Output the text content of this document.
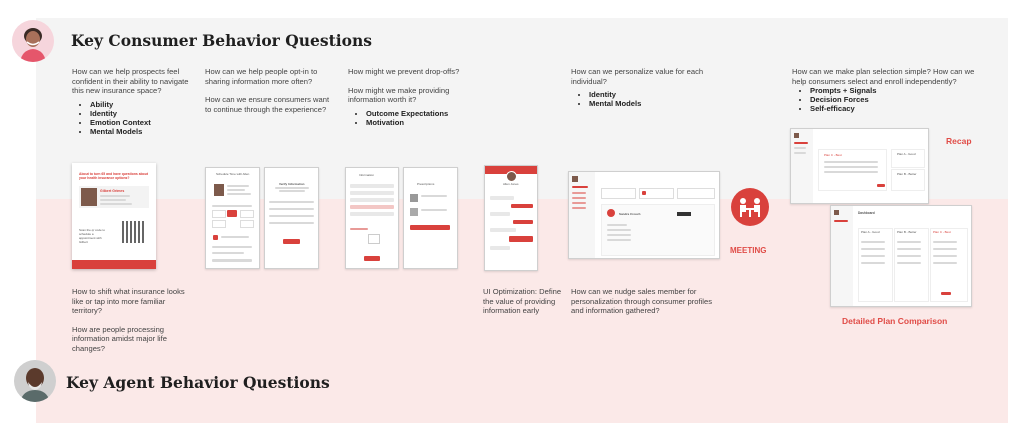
Key Consumer Behavior Questions
Key Agent Behavior Questions

How can we help prospects feel confident in their ability to navigate this new insurance space?

• Ability
• Identity
• Emotion Context
• Mental Models

How can we help people opt-in to sharing information more often?

How can we ensure consumers want to continue through the experience?

How might we prevent drop-offs?

How might we make providing information worth it?

• Outcome Expectations
• Motivation

How can we personalize value for each individual?

• Identity
• Mental Models

How can we make plan selection simple? How can we help consumers select and enroll independently?

• Prompts + Signals
• Decision Forces
• Self-efficacy

How to shift what insurance looks like or tap into more familiar territory?

How are people processing information amidst major life changes?

UI Optimization: Define the value of providing information early

How can we nudge sales member for personalization through consumer profiles and information gathered?

About to turn 65 and have questions about your health insurance options?
Gilbert Grimes
Scan the qr code to schedule a appointment with Gilbert
Schedule Time with Allen
Verify Information
Information
Prescriptions	Allen Jones
Sandra Crouch
MEETING
Plan C - Best	Plan A - Good
Plan B - Better
Recap
Dashboard
Plan A - Good	Plan B - Better	Plan C - Best
Detailed Plan Comparison
